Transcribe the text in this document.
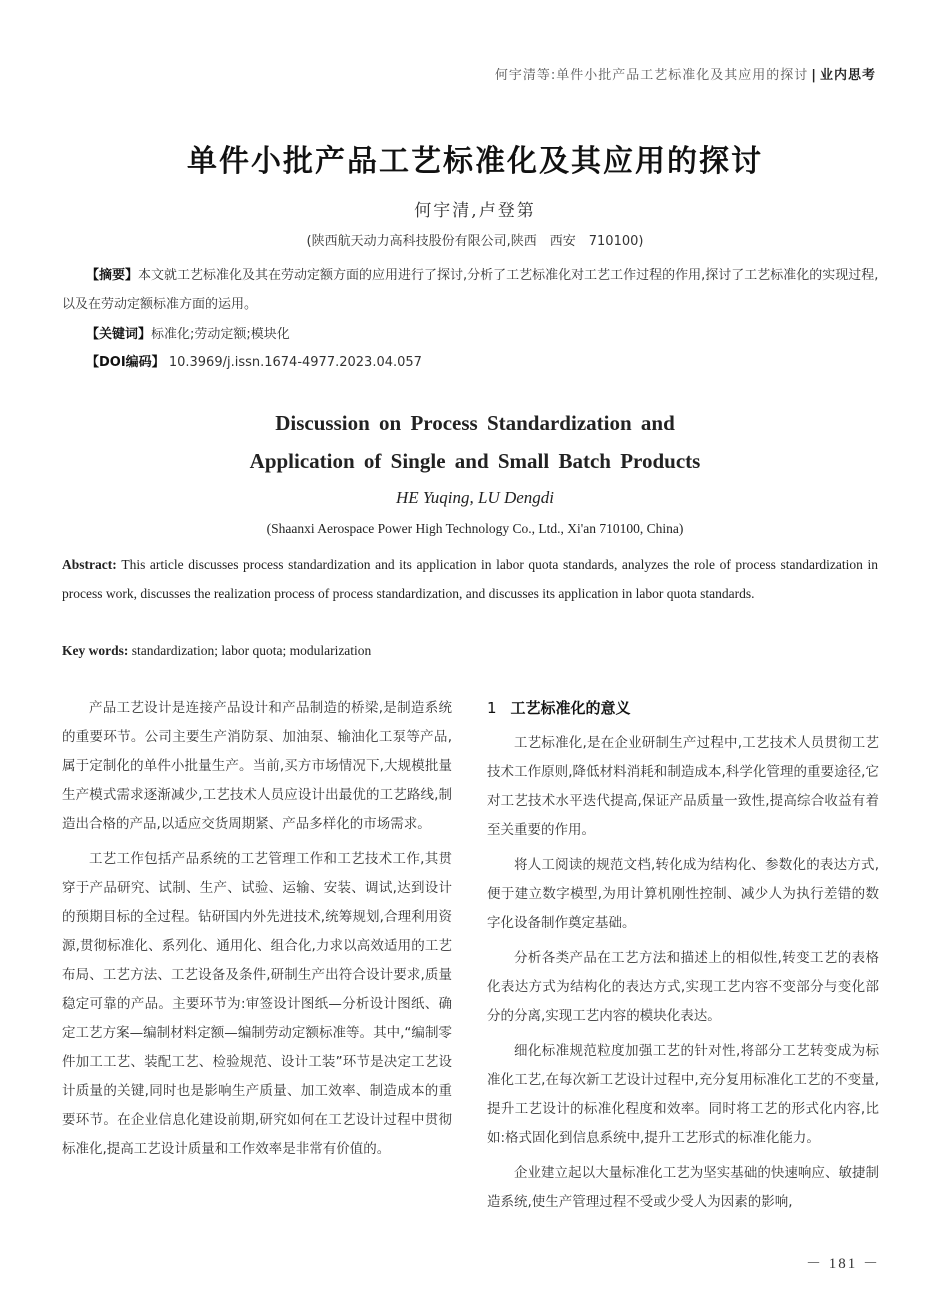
何宇清等:单件小批产品工艺标准化及其应用的探讨 | 业内思考
单件小批产品工艺标准化及其应用的探讨
何宇清,卢登第
(陕西航天动力高科技股份有限公司,陕西　西安　710100)
【摘要】本文就工艺标准化及其在劳动定额方面的应用进行了探讨,分析了工艺标准化对工艺工作过程的作用,探讨了工艺标准化的实现过程,以及在劳动定额标准方面的运用。
【关键词】标准化;劳动定额;模块化
【DOI编码】 10.3969/j.issn.1674-4977.2023.04.057
Discussion on Process Standardization and
Application of Single and Small Batch Products
HE Yuqing, LU Dengdi
(Shaanxi Aerospace Power High Technology Co., Ltd., Xi'an 710100, China)
Abstract: This article discusses process standardization and its application in labor quota standards, analyzes the role of process standardization in process work, discusses the realization process of process standardization, and discusses its application in labor quota standards.
Key words: standardization; labor quota; modularization

产品工艺设计是连接产品设计和产品制造的桥梁,是制造系统的重要环节。公司主要生产消防泵、加油泵、输油化工泵等产品,属于定制化的单件小批量生产。当前,买方市场情况下,大规模批量生产模式需求逐渐减少,工艺技术人员应设计出最优的工艺路线,制造出合格的产品,以适应交货周期紧、产品多样化的市场需求。

工艺工作包括产品系统的工艺管理工作和工艺技术工作,其贯穿于产品研究、试制、生产、试验、运输、安装、调试,达到设计的预期目标的全过程。钻研国内外先进技术,统筹规划,合理利用资源,贯彻标准化、系列化、通用化、组合化,力求以高效适用的工艺布局、工艺方法、工艺设备及条件,研制生产出符合设计要求,质量稳定可靠的产品。主要环节为:审签设计图纸—分析设计图纸、确定工艺方案—编制材料定额—编制劳动定额标准等。其中,“编制零件加工工艺、装配工艺、检验规范、设计工装”环节是决定工艺设计质量的关键,同时也是影响生产质量、加工效率、制造成本的重要环节。在企业信息化建设前期,研究如何在工艺设计过程中贯彻标准化,提高工艺设计质量和工作效率是非常有价值的。

1 工艺标准化的意义

工艺标准化,是在企业研制生产过程中,工艺技术人员贯彻工艺技术工作原则,降低材料消耗和制造成本,科学化管理的重要途径,它对工艺技术水平迭代提高,保证产品质量一致性,提高综合收益有着至关重要的作用。

将人工阅读的规范文档,转化成为结构化、参数化的表达方式,便于建立数字模型,为用计算机刚性控制、减少人为执行差错的数字化设备制作奠定基础。

分析各类产品在工艺方法和描述上的相似性,转变工艺的表格化表达方式为结构化的表达方式,实现工艺内容不变部分与变化部分的分离,实现工艺内容的模块化表达。

细化标准规范粒度加强工艺的针对性,将部分工艺转变成为标准化工艺,在每次新工艺设计过程中,充分复用标准化工艺的不变量,提升工艺设计的标准化程度和效率。同时将工艺的形式化内容,比如:格式固化到信息系统中,提升工艺形式的标准化能力。

企业建立起以大量标准化工艺为坚实基础的快速响应、敏捷制造系统,使生产管理过程不受或少受人为因素的影响,

－ 181 －
